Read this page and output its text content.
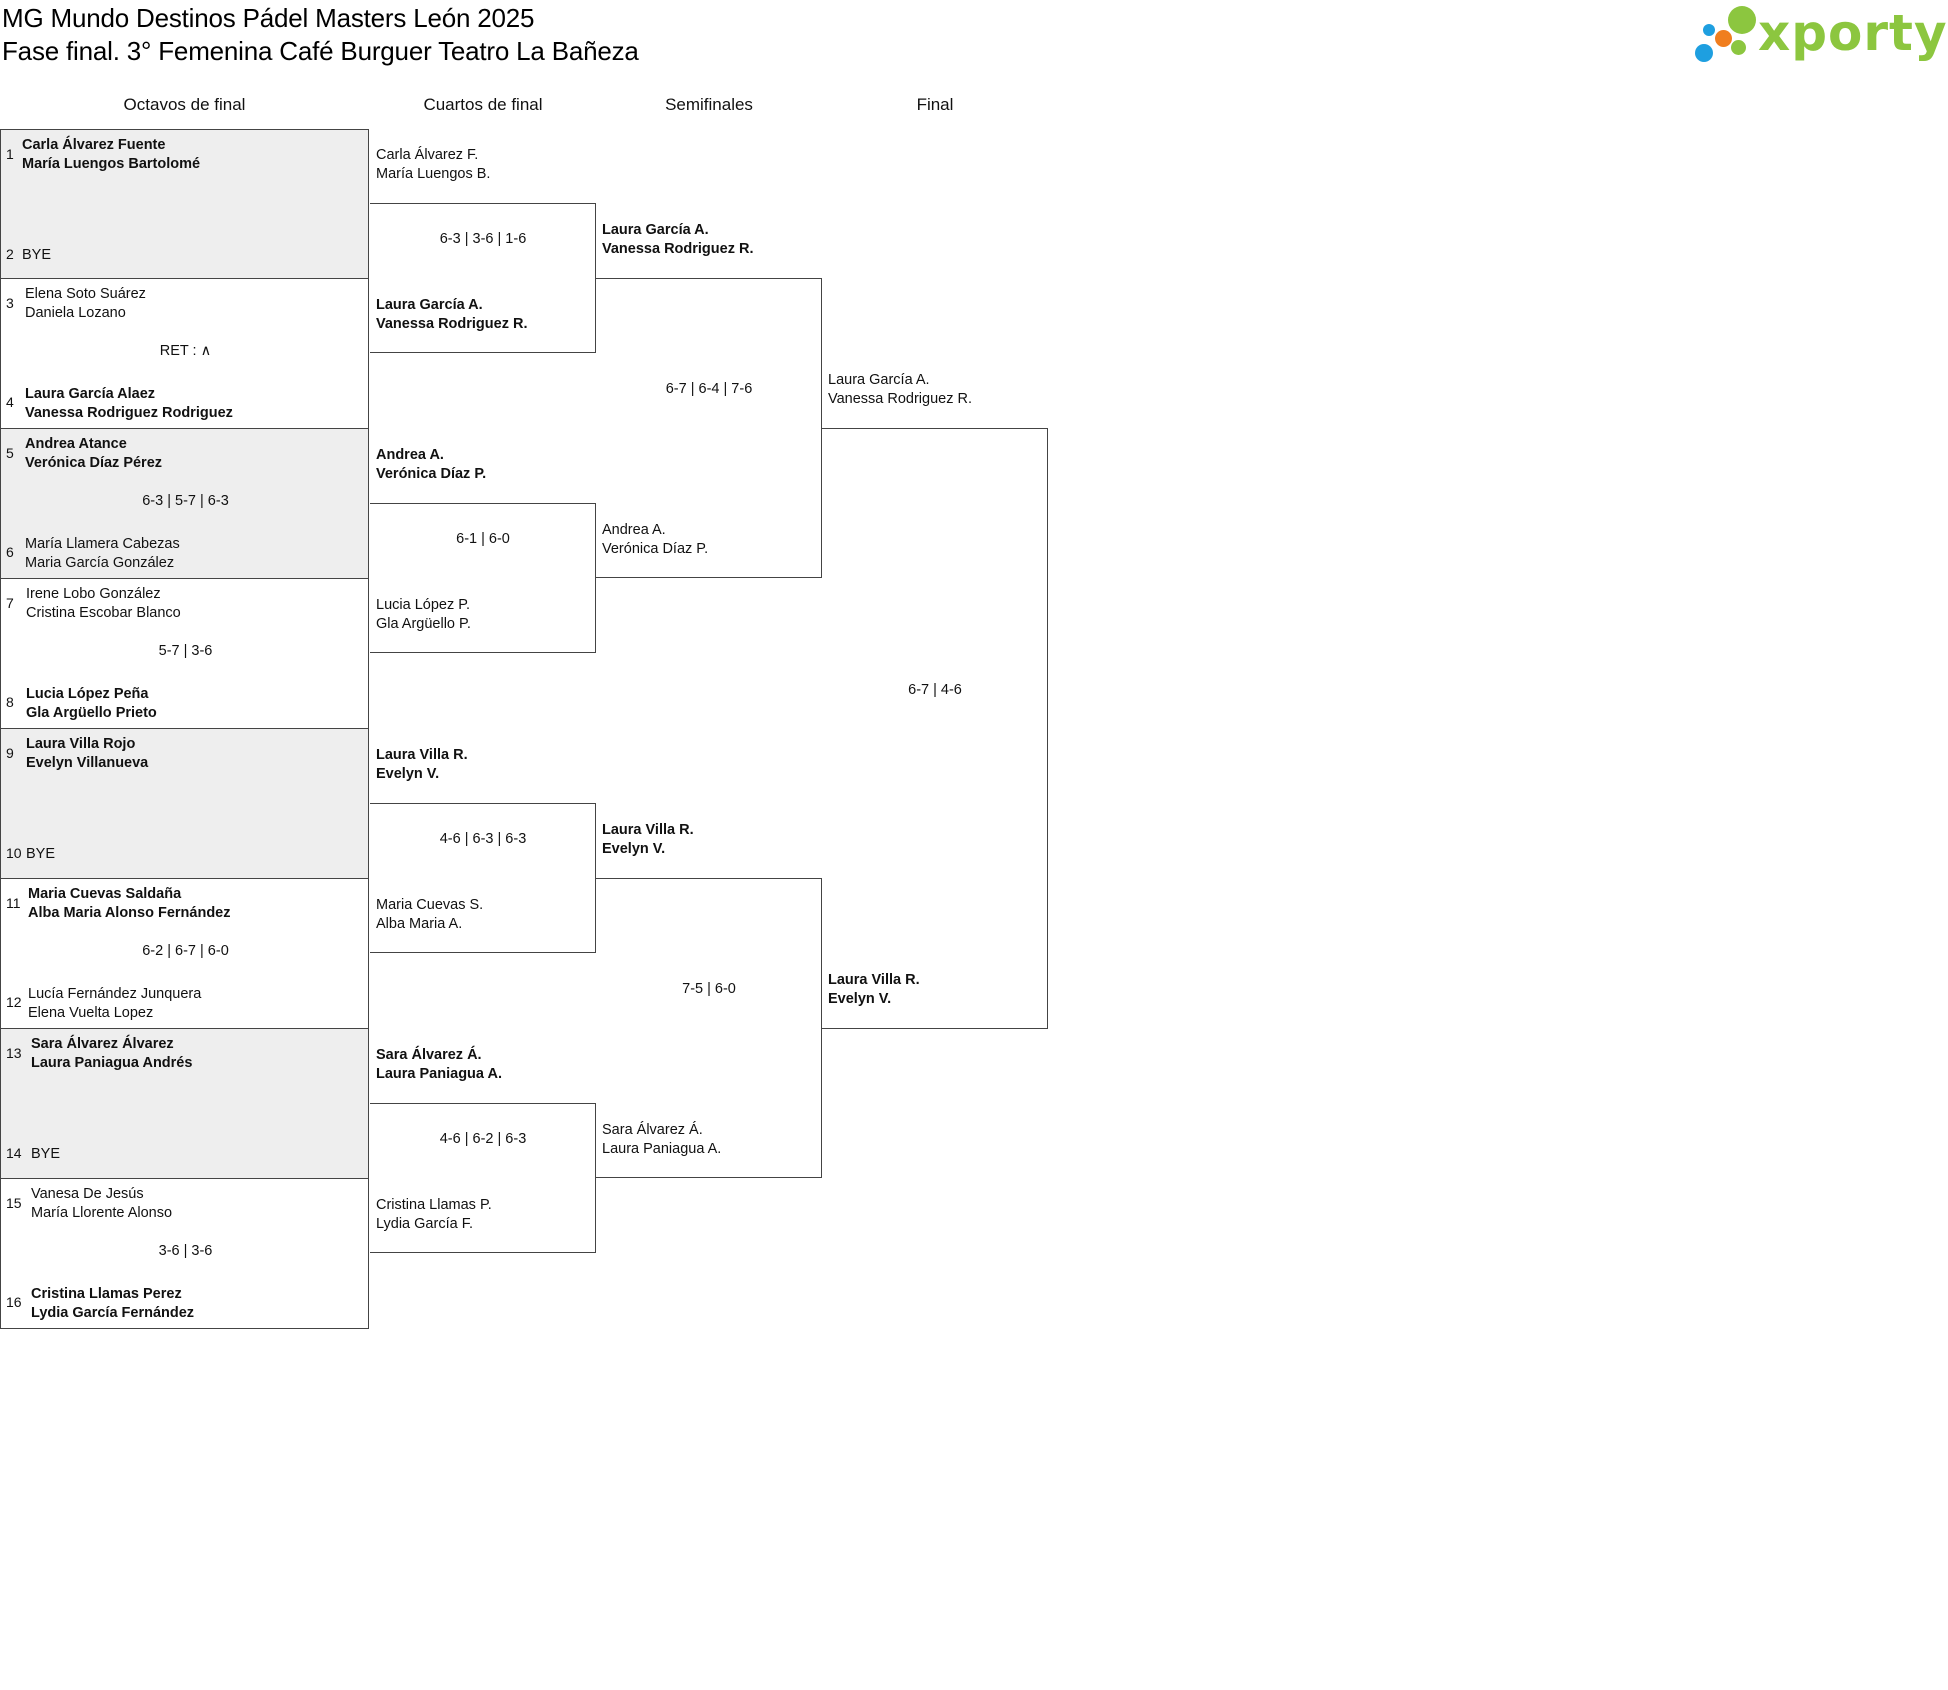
MG Mundo Destinos Pádel Masters León 2025
Fase final. 3° Femenina Café Burguer Teatro La Bañeza	xporty
Octavos de final	Cuartos de final	Semifinales	Final
1
Carla Álvarez Fuente
María Luengos Bartolomé
2 BYE
3
Elena Soto Suárez
Daniela Lozano
RET : ∧
4 Laura García Alaez
Vanessa Rodriguez Rodriguez
5
Andrea Atance
Verónica Díaz Pérez
6-3 | 5-7 | 6-3
6 María Llamera Cabezas
Maria García González
7
Irene Lobo González
Cristina Escobar Blanco
5-7 | 3-6
8 Lucia López Peña
Gla Argüello Prieto
9
Laura Villa Rojo
Evelyn Villanueva
10 BYE
11
Maria Cuevas Saldaña
Alba Maria Alonso Fernández
6-2 | 6-7 | 6-0
12 Lucía Fernández Junquera
Elena Vuelta Lopez
13
Sara Álvarez Álvarez
Laura Paniagua Andrés
14 BYE
15
Vanesa De Jesús
María Llorente Alonso
3-6 | 3-6
16 Cristina Llamas Perez
Lydia García Fernández
Carla Álvarez F.
María Luengos B.
6-3 | 3-6 | 1-6
Laura García A.
Vanessa Rodriguez R.
Andrea A.
Verónica Díaz P.
6-1 | 6-0
Lucia López P.
Gla Argüello P.
Laura Villa R.
Evelyn V.
4-6 | 6-3 | 6-3
Maria Cuevas S.
Alba Maria A.
Sara Álvarez Á.
Laura Paniagua A.
4-6 | 6-2 | 6-3
Cristina Llamas P.
Lydia García F.
Laura García A.
Vanessa Rodriguez R.
6-7 | 6-4 | 7-6
Andrea A.
Verónica Díaz P.
Laura Villa R.
Evelyn V.
7-5 | 6-0
Sara Álvarez Á.
Laura Paniagua A.
Laura García A.
Vanessa Rodriguez R.
6-7 | 4-6
Laura Villa R.
Evelyn V.
